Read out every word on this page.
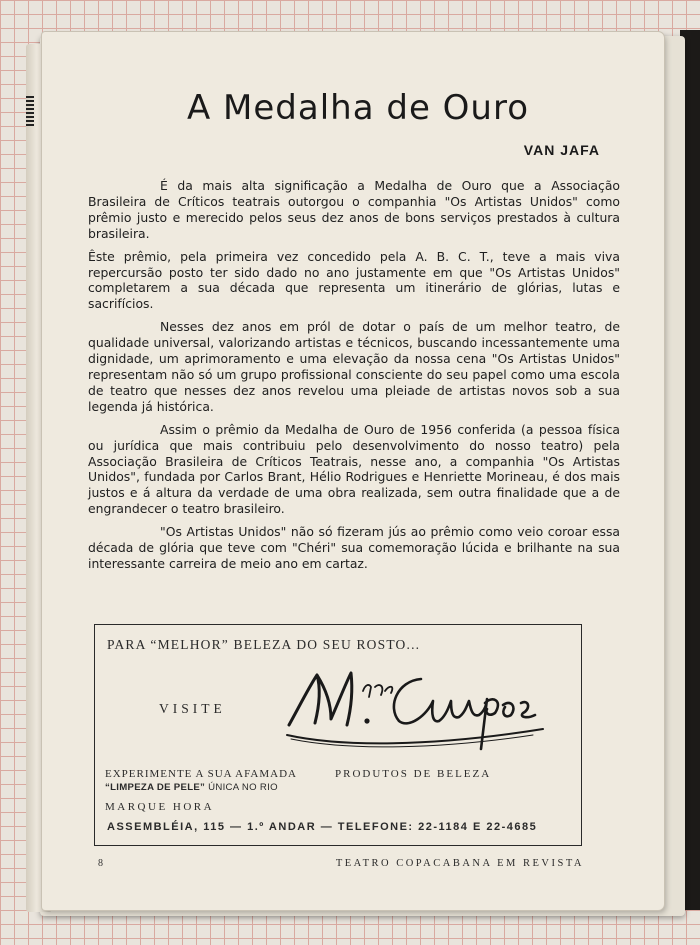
A Medalha de Ouro
VAN JAFA

É da mais alta significação a Medalha de Ouro que a Associação Brasileira de Críticos teatrais outorgou o companhia "Os Artistas Unidos" como prêmio justo e merecido pelos seus dez anos de bons serviços prestados à cultura brasileira.

Êste prêmio, pela primeira vez concedido pela A. B. C. T., teve a mais viva repercursão posto ter sido dado no ano justamente em que "Os Artistas Unidos" completarem a sua década que representa um itinerário de glórias, lutas e sacrifícios.

Nesses dez anos em pról de dotar o país de um melhor teatro, de qualidade universal, valorizando artistas e técnicos, buscando incessantemente uma dignidade, um aprimoramento e uma elevação da nossa cena "Os Artistas Unidos" representam não só um grupo profissional consciente do seu papel como uma escola de teatro que nesses dez anos revelou uma pleiade de artistas novos sob a sua legenda já histórica.

Assim o prêmio da Medalha de Ouro de 1956 conferida (a pessoa física ou jurídica que mais contribuiu pelo desenvolvimento do nosso teatro) pela Associação Brasileira de Críticos Teatrais, nesse ano, a companhia "Os Artistas Unidos", fundada por Carlos Brant, Hélio Rodrigues e Henriette Morineau, é dos mais justos e á altura da verdade de uma obra realizada, sem outra finalidade que a de engrandecer o teatro brasileiro.

"Os Artistas Unidos" não só fizeram jús ao prêmio como veio coroar essa década de glória que teve com "Chéri" sua comemoração lúcida e brilhante na sua interessante carreira de meio ano em cartaz.

PARA “MELHOR” BELEZA DO SEU ROSTO...
VISITE
EXPERIMENTE A SUA AFAMADA
“LIMPEZA DE PELE” ÚNICA NO RIO
PRODUTOS DE BELEZA
MARQUE HORA
ASSEMBLÉIA, 115 — 1.º ANDAR — TELEFONE: 22-1184 E 22-4685
8	TEATRO COPACABANA EM REVISTA
